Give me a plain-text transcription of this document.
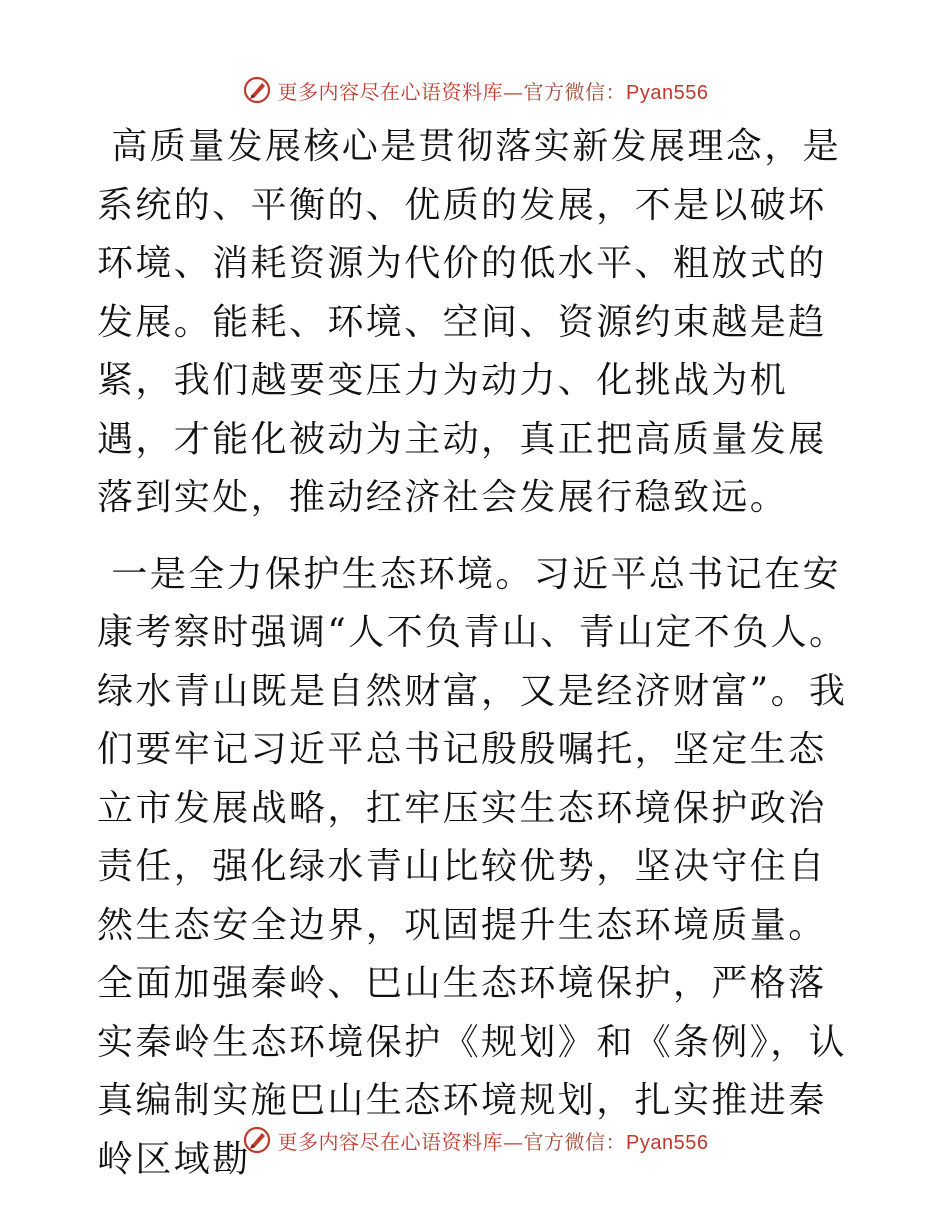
更多内容尽在心语资料库—官方微信：Pyan556

高质量发展核心是贯彻落实新发展理念，是系统的、平衡的、优质的发展，不是以破坏环境、消耗资源为代价的低水平、粗放式的发展。能耗、环境、空间、资源约束越是趋紧，我们越要变压力为动力、化挑战为机遇，才能化被动为主动，真正把高质量发展落到实处，推动经济社会发展行稳致远。

一是全力保护生态环境。习近平总书记在安康考察时强调“人不负青山、青山定不负人。绿水青山既是自然财富，又是经济财富”。我们要牢记习近平总书记殷殷嘱托，坚定生态立市发展战略，扛牢压实生态环境保护政治责任，强化绿水青山比较优势，坚决守住自然生态安全边界，巩固提升生态环境质量。全面加强秦岭、巴山生态环境保护，严格落实秦岭生态环境保护《规划》和《条例》，认真编制实施巴山生态环境规划，扎实推进秦岭区域勘	更多内容尽在心语资料库—官方微信：Pyan556
